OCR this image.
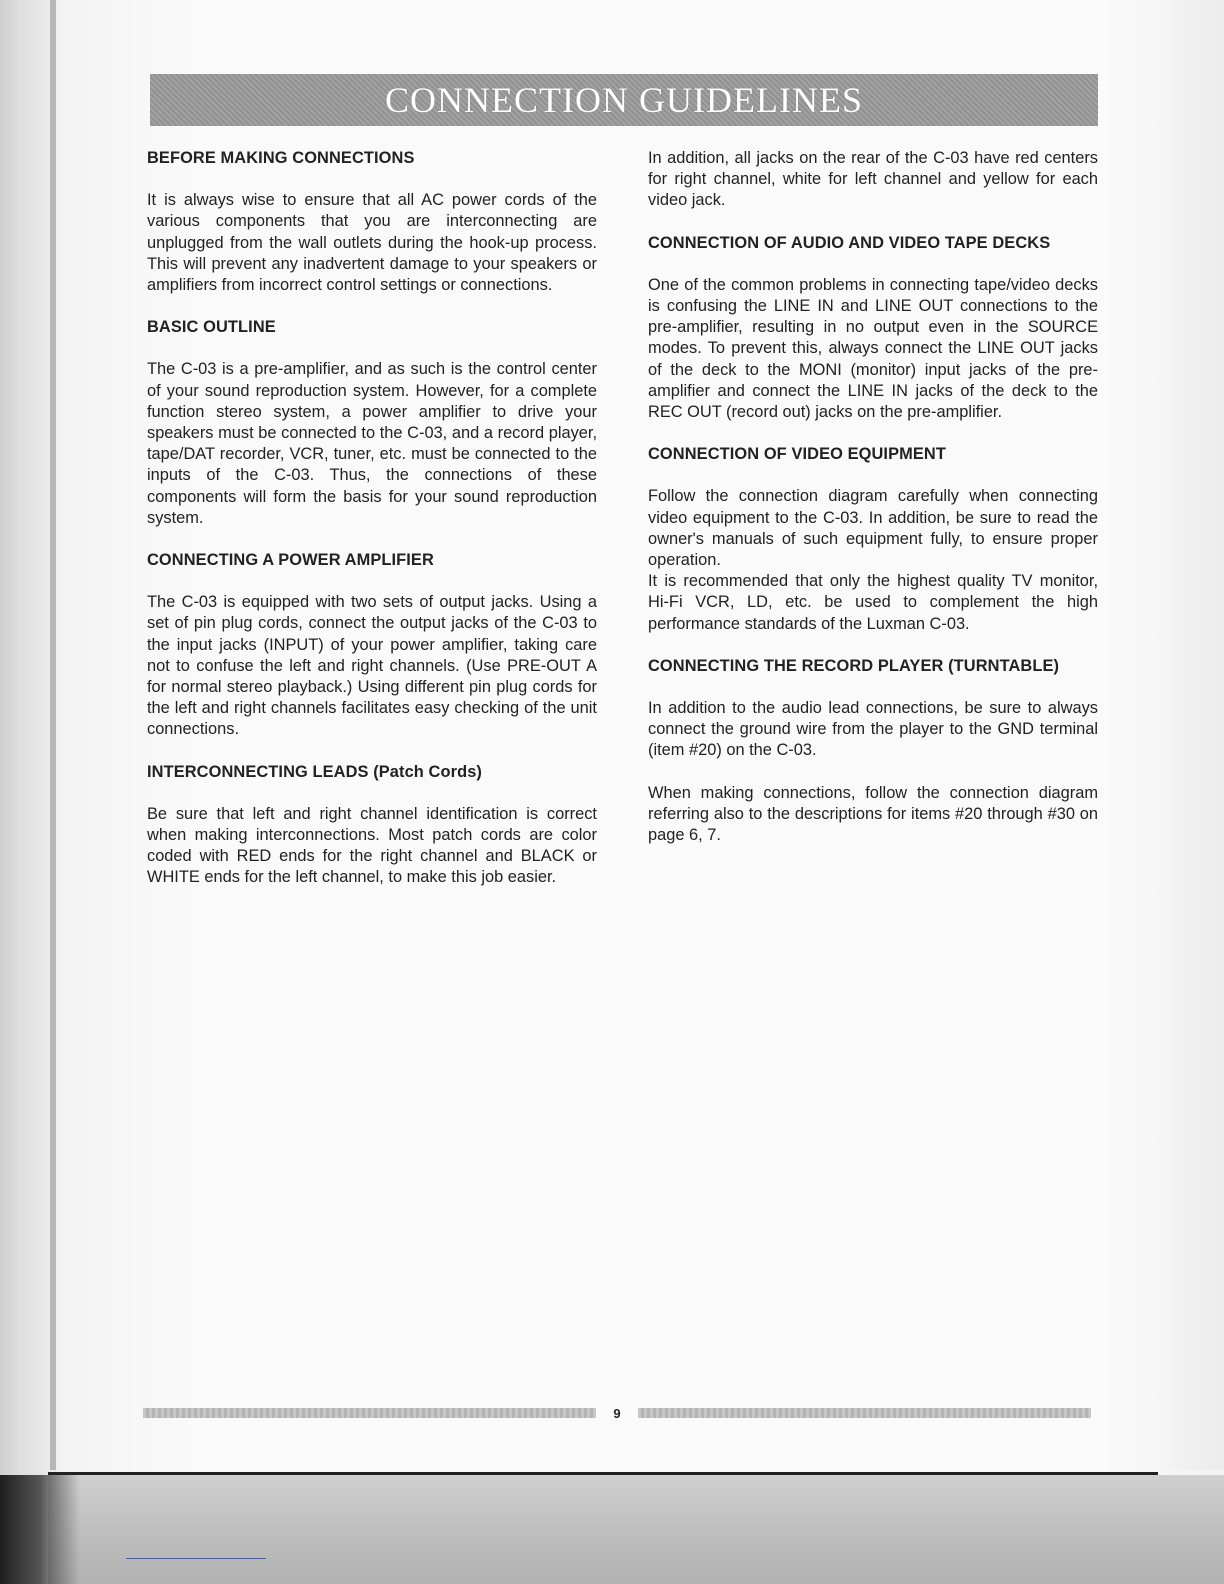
CONNECTION GUIDELINES
BEFORE MAKING CONNECTIONS

It is always wise to ensure that all AC power cords of the various components that you are interconnecting are unplugged from the wall outlets during the hook-up process. This will prevent any inadvertent damage to your speakers or amplifiers from incorrect control settings or connections.

BASIC OUTLINE

The C-03 is a pre-amplifier, and as such is the control center of your sound reproduction system. However, for a complete function stereo system, a power amplifier to drive your speakers must be connected to the C-03, and a record player, tape/DAT recorder, VCR, tuner, etc. must be connected to the inputs of the C-03. Thus, the connections of these components will form the basis for your sound reproduction system.

CONNECTING A POWER AMPLIFIER

The C-03 is equipped with two sets of output jacks. Using a set of pin plug cords, connect the output jacks of the C-03 to the input jacks (INPUT) of your power amplifier, taking care not to confuse the left and right channels. (Use PRE-OUT A for normal stereo playback.) Using different pin plug cords for the left and right channels facilitates easy checking of the unit connections.

INTERCONNECTING LEADS (Patch Cords)

Be sure that left and right channel identification is correct when making interconnections. Most patch cords are color coded with RED ends for the right channel and BLACK or WHITE ends for the left channel, to make this job easier.

In addition, all jacks on the rear of the C-03 have red centers for right channel, white for left channel and yellow for each video jack.

CONNECTION OF AUDIO AND VIDEO TAPE DECKS

One of the common problems in connecting tape/video decks is confusing the LINE IN and LINE OUT connections to the pre-amplifier, resulting in no output even in the SOURCE modes. To prevent this, always connect the LINE OUT jacks of the deck to the MONI (monitor) input jacks of the pre-amplifier and connect the LINE IN jacks of the deck to the REC OUT (record out) jacks on the pre-amplifier.

CONNECTION OF VIDEO EQUIPMENT

Follow the connection diagram carefully when connecting video equipment to the C-03. In addition, be sure to read the owner's manuals of such equipment fully, to ensure proper operation.

It is recommended that only the highest quality TV monitor, Hi-Fi VCR, LD, etc. be used to complement the high performance standards of the Luxman C-03.

CONNECTING THE RECORD PLAYER (TURNTABLE)

In addition to the audio lead connections, be sure to always connect the ground wire from the player to the GND terminal (item #20) on the C-03.

When making connections, follow the connection diagram referring also to the descriptions for items #20 through #30 on page 6, 7.

9
